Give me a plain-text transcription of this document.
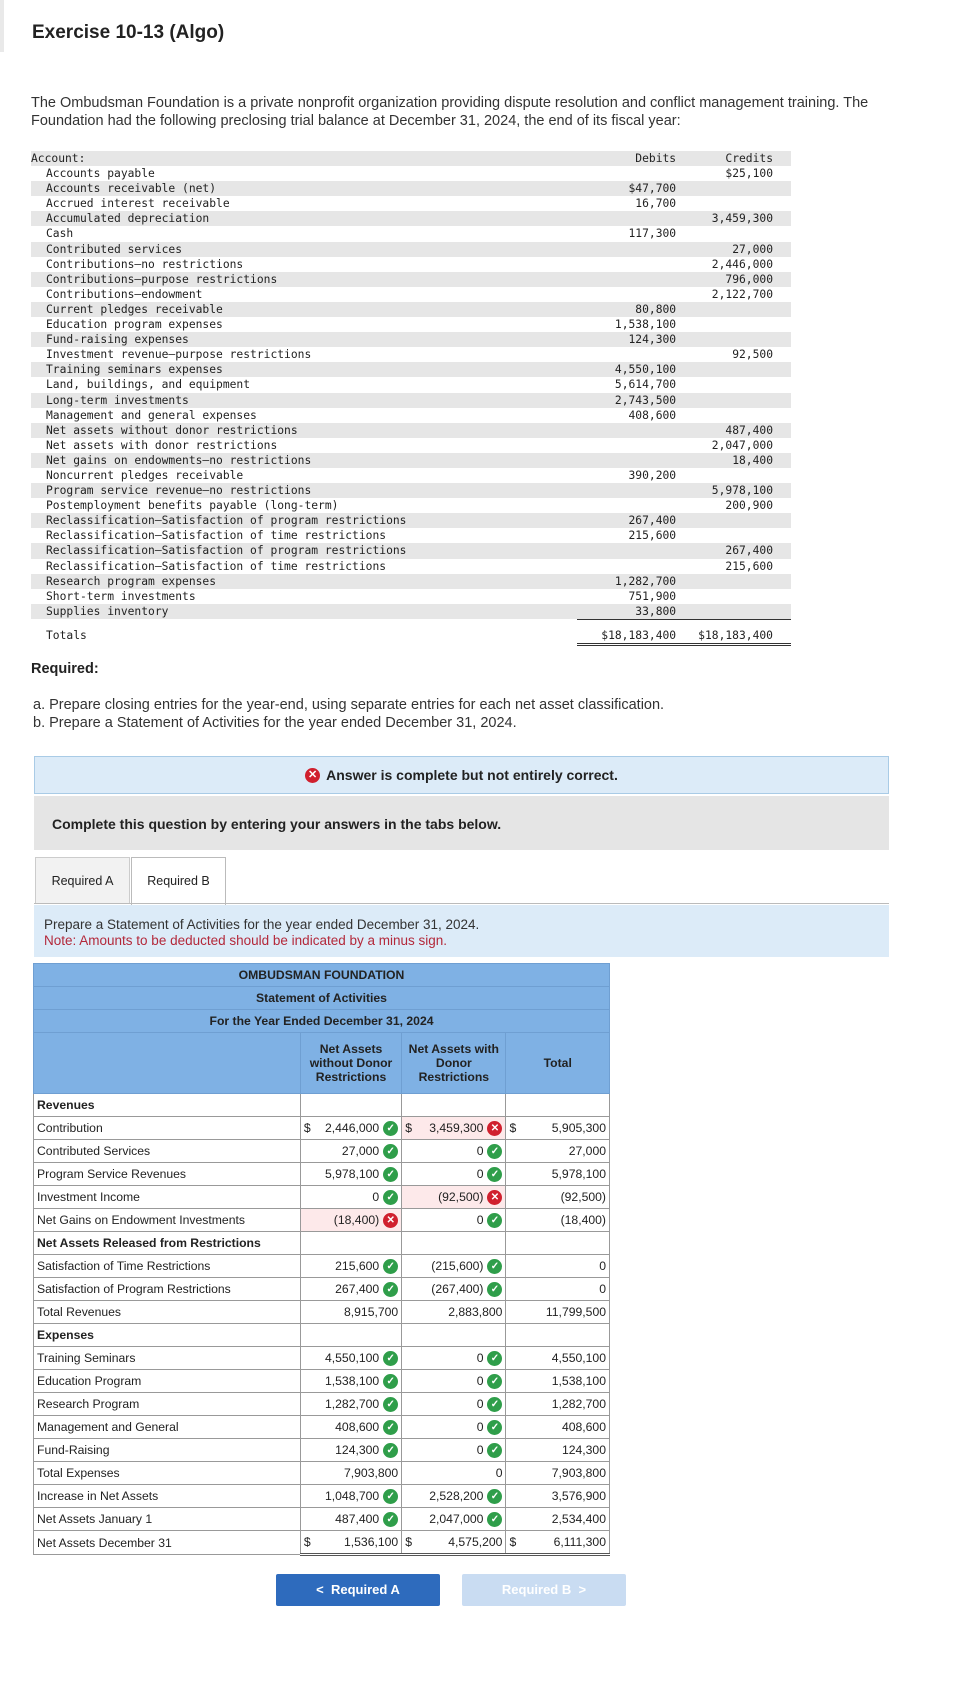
Exercise 10-13 (Algo)
The Ombudsman Foundation is a private nonprofit organization providing dispute resolution and conflict management training. The
Foundation had the following preclosing trial balance at December 31, 2024, the end of its fiscal year:
Account:	Debits	Credits
Accounts payable		$25,100
Accounts receivable (net)	$47,700	
Accrued interest receivable	16,700	
Accumulated depreciation		3,459,300
Cash	117,300	
Contributed services		27,000
Contributions—no restrictions		2,446,000
Contributions—purpose restrictions		796,000
Contributions—endowment		2,122,700
Current pledges receivable	80,800	
Education program expenses	1,538,100	
Fund-raising expenses	124,300	
Investment revenue—purpose restrictions		92,500
Training seminars expenses	4,550,100	
Land, buildings, and equipment	5,614,700	
Long-term investments	2,743,500	
Management and general expenses	408,600	
Net assets without donor restrictions		487,400
Net assets with donor restrictions		2,047,000
Net gains on endowments—no restrictions		18,400
Noncurrent pledges receivable	390,200	
Program service revenue—no restrictions		5,978,100
Postemployment benefits payable (long-term)		200,900
Reclassification—Satisfaction of program restrictions	267,400	
Reclassification—Satisfaction of time restrictions	215,600	
Reclassification—Satisfaction of program restrictions		267,400
Reclassification—Satisfaction of time restrictions		215,600
Research program expenses	1,282,700	
Short-term investments	751,900	
Supplies inventory	33,800	
Totals	$18,183,400	$18,183,400
Required:
a. Prepare closing entries for the year-end, using separate entries for each net asset classification.
b. Prepare a Statement of Activities for the year ended December 31, 2024.
✕ Answer is complete but not entirely correct.
Complete this question by entering your answers in the tabs below.
Required A	Required B
Prepare a Statement of Activities for the year ended December 31, 2024.
Note: Amounts to be deducted should be indicated by a minus sign.
OMBUDSMAN FOUNDATION			
Statement of Activities			
For the Year Ended December 31, 2024			
	Net Assets without Donor Restrictions	Net Assets with Donor Restrictions	Total
Revenues			
Contribution	$ 2,446,000 ✓	$ 3,459,300 ✕	$ 5,905,300

Contributed Services	27,000 ✓	0 ✓	27,000

Program Service Revenues	5,978,100 ✓	0 ✓	5,978,100

Investment Income	0 ✓	(92,500) ✕	(92,500)

Net Gains on Endowment Investments	(18,400) ✕	0 ✓	(18,400)

Net Assets Released from Restrictions			
Satisfaction of Time Restrictions	215,600 ✓	(215,600) ✓	0

Satisfaction of Program Restrictions	267,400 ✓	(267,400) ✓	0

Total Revenues	8,915,700	2,883,800	11,799,500

Expenses			
Training Seminars	4,550,100 ✓	0 ✓	4,550,100

Education Program	1,538,100 ✓	0 ✓	1,538,100

Research Program	1,282,700 ✓	0 ✓	1,282,700

Management and General	408,600 ✓	0 ✓	408,600

Fund-Raising	124,300 ✓	0 ✓	124,300

Total Expenses	7,903,800	0	7,903,800

Increase in Net Assets	1,048,700 ✓	2,528,200 ✓	3,576,900

Net Assets January 1	487,400 ✓	2,047,000 ✓	2,534,400

Net Assets December 31	$ 1,536,100	$ 4,575,200	$ 6,111,300
<  Required A	Required B  >
